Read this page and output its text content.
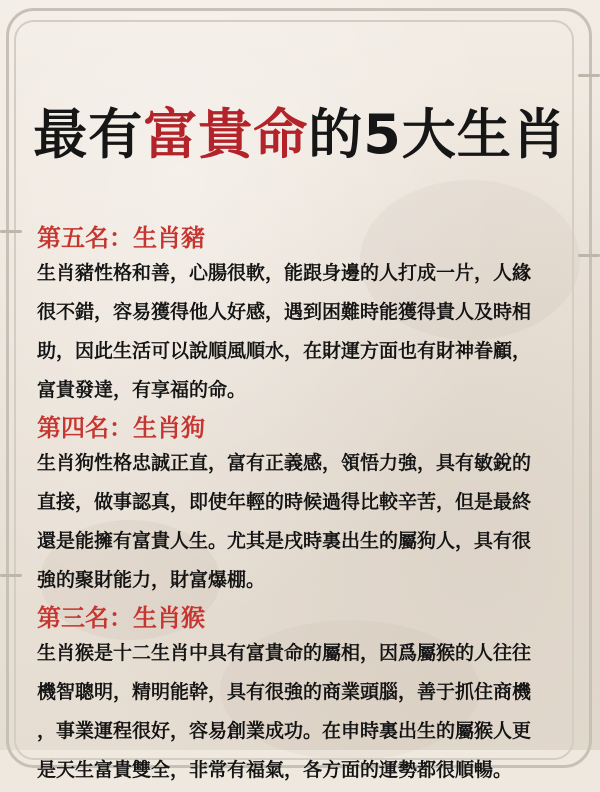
最有富貴命的5大生肖
第五名：生肖豬

生肖豬性格和善，心腸很軟，能跟身邊的人打成一片，人緣

很不錯，容易獲得他人好感，遇到困難時能獲得貴人及時相

助，因此生活可以說順風順水，在財運方面也有財神眷顧，

富貴發達，有享福的命。

第四名：生肖狗

生肖狗性格忠誠正直，富有正義感，領悟力強，具有敏銳的

直接，做事認真，即使年輕的時候過得比較辛苦，但是最終

還是能擁有富貴人生。尤其是戌時裏出生的屬狗人，具有很

強的聚財能力，財富爆棚。

第三名：生肖猴

生肖猴是十二生肖中具有富貴命的屬相，因爲屬猴的人往往

機智聰明，精明能幹，具有很強的商業頭腦，善于抓住商機

，事業運程很好，容易創業成功。在申時裏出生的屬猴人更

是天生富貴雙全，非常有福氣，各方面的運勢都很順暢。
